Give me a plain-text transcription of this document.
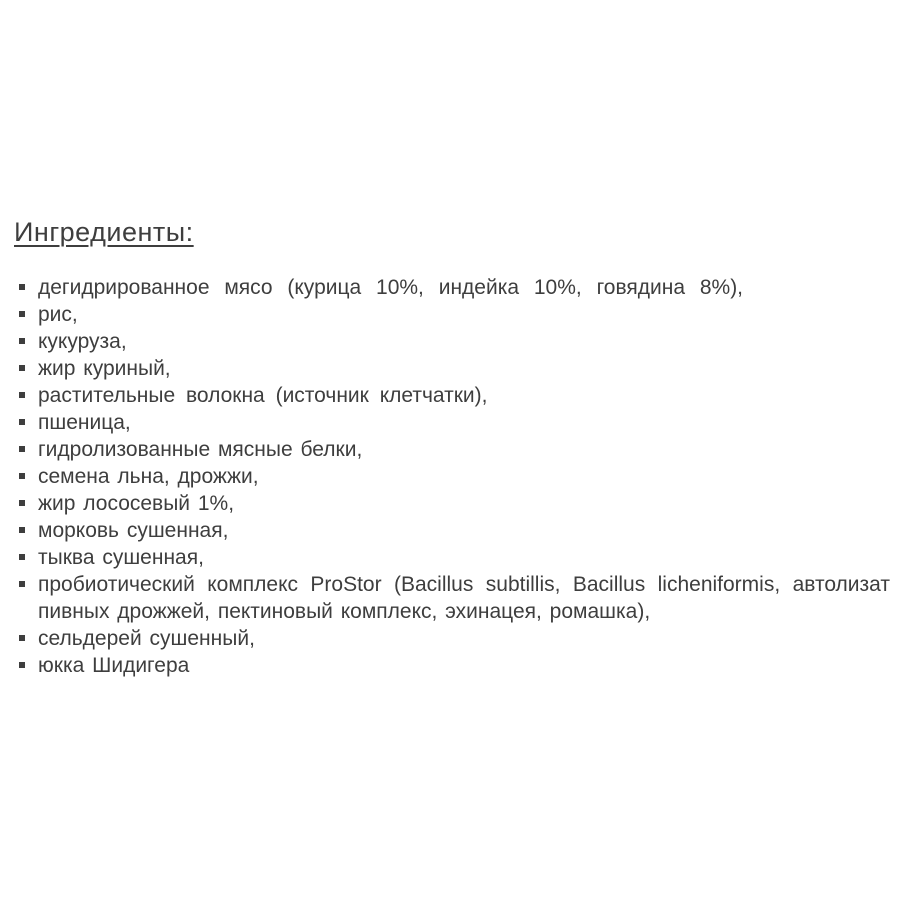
Ингредиенты:
дегидрированное мясо (курица 10%, индейка 10%, говядина 8%),
рис,
кукуруза,
жир куриный,
растительные волокна (источник клетчатки),
пшеница,
гидролизованные мясные белки,
семена льна, дрожжи,
жир лососевый 1%,
морковь сушенная,
тыква сушенная,
пробиотический комплекс ProStor (Bacillus subtillis, Bacillus licheniformis, автолизат
пивных дрожжей, пектиновый комплекс, эхинацея, ромашка),
сельдерей сушенный,
юкка Шидигера
